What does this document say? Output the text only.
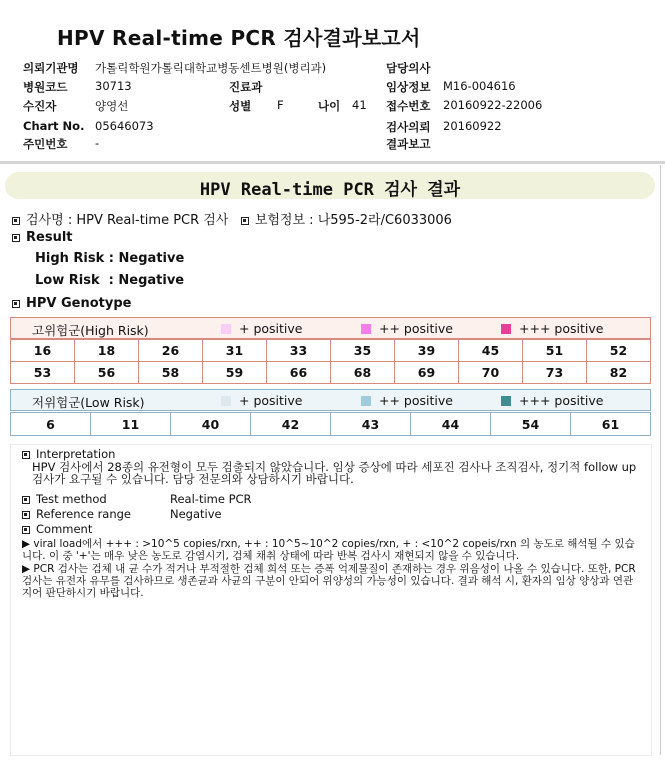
HPV Real-time PCR 검사결과보고서
의뢰기관명 가톨릭학원가톨릭대학교병동센트병원(병리과)	담당의사
병원코드 30713	진료과	임상정보 M16-004616
수진자	양영선	성별 F	나이 41 접수번호 20160922-22006
Chart No. 05646073	검사의뢰 20160922
주민번호 -	결과보고
HPV Real-time PCR 검사 결과
검사명 : HPV Real-time PCR 검사 보험정보 : 나595-2라/C6033006
Result
High Risk : Negative
Low Risk  : Negative
HPV Genotype
고위험군(High Risk)	+ positive	++ positive	+++ positive
16	18	26	31	33	35	39	45	51	52
53	56	58	59	66	68	69	70	73	82
저위험군(Low Risk)	+ positive	++ positive	+++ positive
6	11	40	42	43	44	54	61
Interpretation
HPV 검사에서 28종의 유전형이 모두 검출되지 않았습니다. 임상 증상에 따라 세포진 검사나 조직검사, 정기적 follow up 검사가 요구될 수 있습니다. 담당 전문의와 상담하시기 바랍니다.
Test method	Real-time PCR
Reference range	Negative
Comment
▶ viral load에서 +++ : >10^5 copies/rxn, ++ : 10^5~10^2 copies/rxn, + : <10^2 copeis/rxn 의 농도로 해석될 수 있습니다. 이 중 '+'는 매우 낮은 농도로 감염시기, 검체 채취 상태에 따라 반복 검사시 재현되지 않을 수 있습니다.
▶ PCR 검사는 검체 내 균 수가 적거나 부적절한 검체 희석 또는 증폭 억제물질이 존재하는 경우 위음성이 나올 수 있습니다. 또한, PCR 검사는 유전자 유무를 검사하므로 생존균과 사균의 구분이 안되어 위양성의 가능성이 있습니다. 결과 해석 시, 환자의 임상 양상과 연관지어 판단하시기 바랍니다.
